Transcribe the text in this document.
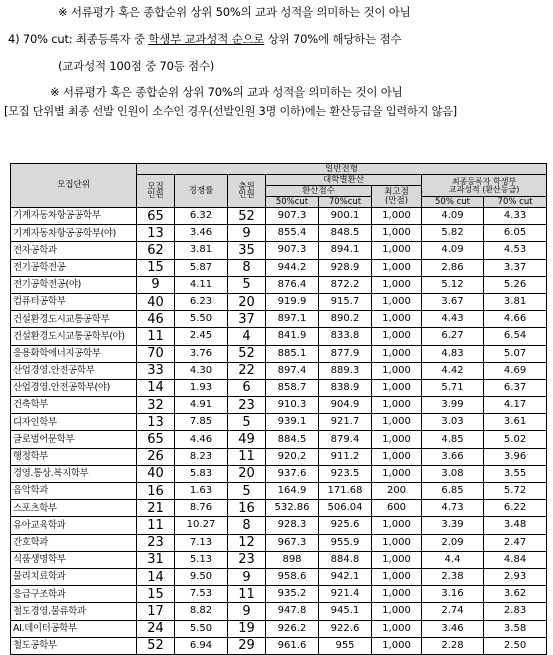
※ 서류평가 혹은 종합순위 상위 50%의 교과 성적을 의미하는 것이 아님
4) 70% cut: 최종등록자 중 학생부 교과성적 순으로 상위 70%에 해당하는 점수
(교과성적 100점 중 70등 점수)
※ 서류평가 혹은 종합순위 상위 70%의 교과 성적을 의미하는 것이 아님
[모집 단위별 최종 선발 인원이 소수인 경우(선발인원 3명 이하)에는 환산등급을 입력하지 않음]
모집단위	일반전형							
	모집
인원	경쟁률	충원
인원	대학별환산			최종등록자 학생부
교과성적 (환산등급)	
				환산점수		최고점
(만점)		
				50%cut	70%cut		50% cut	70% cut
기계자동차항공공학부	65	6.32	52	907.3	900.1	1,000	4.09	4.33
기계자동차항공공학부(야)	13	3.46	9	855.4	848.5	1,000	5.82	6.05
전자공학과	62	3.81	35	907.3	894.1	1,000	4.09	4.53
전기공학전공	15	5.87	8	944.2	928.9	1,000	2.86	3.37
전기공학전공(야)	9	4.11	5	876.4	872.2	1,000	5.12	5.26
컴퓨터공학부	40	6.23	20	919.9	915.7	1,000	3.67	3.81
건설환경도시교통공학부	46	5.50	37	897.1	890.2	1,000	4.43	4.66
건설환경도시교통공학부(야)	11	2.45	4	841.9	833.8	1,000	6.27	6.54
응용화학에너지공학부	70	3.76	52	885.1	877.9	1,000	4.83	5.07
산업경영.안전공학부	33	4.30	22	897.4	889.3	1,000	4.42	4.69
산업경영.안전공학부(야)	14	1.93	6	858.7	838.9	1,000	5.71	6.37
건축학부	32	4.91	23	910.3	904.9	1,000	3.99	4.17
디자인학부	13	7.85	5	939.1	921.7	1,000	3.03	3.61
글로벌어문학부	65	4.46	49	884.5	879.4	1,000	4.85	5.02
행정학부	26	8.23	11	920.2	911.2	1,000	3.66	3.96
경영.통상.복지학부	40	5.83	20	937.6	923.5	1,000	3.08	3.55
음악학과	16	1.63	5	164.9	171.68	200	6.85	5.72
스포츠학부	21	8.76	16	532.86	506.04	600	4.73	6.22
유아교육학과	11	10.27	8	928.3	925.6	1,000	3.39	3.48
간호학과	23	7.13	12	967.3	955.9	1,000	2.09	2.47
식품생명학부	31	5.13	23	898	884.8	1,000	4.4	4.84
물리치료학과	14	9.50	9	958.6	942.1	1,000	2.38	2.93
응급구조학과	15	7.53	11	935.2	921.4	1,000	3.16	3.62
철도경영.물류학과	17	8.82	9	947.8	945.1	1,000	2.74	2.83
AI.데이터공학부	24	5.50	19	926.2	922.6	1,000	3.46	3.58
철도공학부	52	6.94	29	961.6	955	1,000	2.28	2.50
